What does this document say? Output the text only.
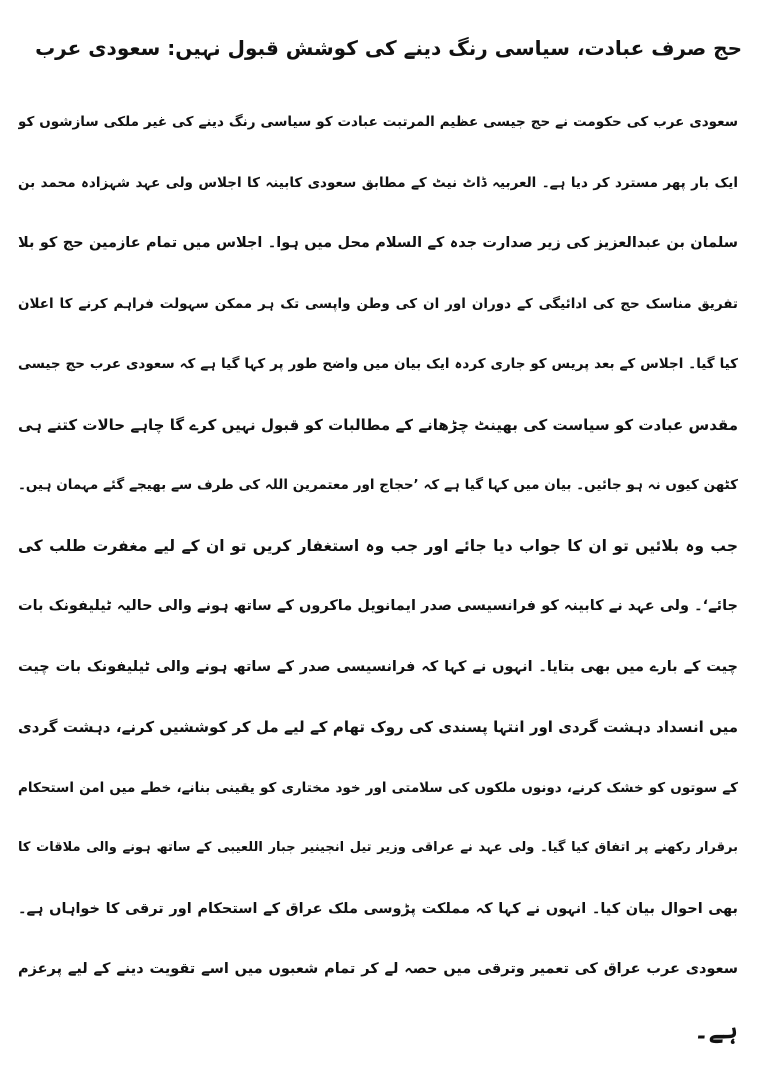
حج صرف عبادت، سیاسی رنگ دینے کی کوشش قبول نہیں: سعودی عرب
سعودی عرب کی حکومت نے حج جیسی عظیم المرتبت عبادت کو سیاسی رنگ دینے کی غیر ملکی سازشوں کو
ایک بار پھر مسترد کر دیا ہے۔ العربیہ ڈاٹ نیٹ کے مطابق سعودی کابینہ کا اجلاس ولی عہد شہزادہ محمد بن
سلمان بن عبدالعزیز کی زیر صدارت جدہ کے السلام محل میں ہوا۔ اجلاس میں تمام عازمین حج کو بلا
تفریق مناسک حج کی ادائیگی کے دوران اور ان کی وطن واپسی تک ہر ممکن سہولت فراہم کرنے کا اعلان
کیا گیا۔ اجلاس کے بعد پریس کو جاری کردہ ایک بیان میں واضح طور پر کہا گیا ہے کہ سعودی عرب حج جیسی
مقدس عبادت کو سیاست کی بھینٹ چڑھانے کے مطالبات کو قبول نہیں کرے گا چاہے حالات کتنے ہی
کٹھن کیوں نہ ہو جائیں۔ بیان میں کہا گیا ہے کہ ’حجاج اور معتمرین اللہ کی طرف سے بھیجے گئے مہمان ہیں۔
جب وہ بلائیں تو ان کا جواب دیا جائے اور جب وہ استغفار کریں تو ان کے لیے مغفرت طلب کی
جائے‘۔ ولی عہد نے کابینہ کو فرانسیسی صدر ایمانویل ماکروں کے ساتھ ہونے والی حالیہ ٹیلیفونک بات
چیت کے بارے میں بھی بتایا۔ انہوں نے کہا کہ فرانسیسی صدر کے ساتھ ہونے والی ٹیلیفونک بات چیت
میں انسداد دہشت گردی اور انتہا پسندی کی روک تھام کے لیے مل کر کوششیں کرنے، دہشت گردی
کے سوتوں کو خشک کرنے، دونوں ملکوں کی سلامتی اور خود مختاری کو یقینی بنانے، خطے میں امن استحکام
برقرار رکھنے پر اتفاق کیا گیا۔ ولی عہد نے عراقی وزیر تیل انجینیر جبار اللعیبی کے ساتھ ہونے والی ملاقات کا
بھی احوال بیان کیا۔ انہوں نے کہا کہ مملکت پڑوسی ملک عراق کے استحکام اور ترقی کا خواہاں ہے۔
سعودی عرب عراق کی تعمیر وترقی میں حصہ لے کر تمام شعبوں میں اسے تقویت دینے کے لیے پرعزم
ہے۔
